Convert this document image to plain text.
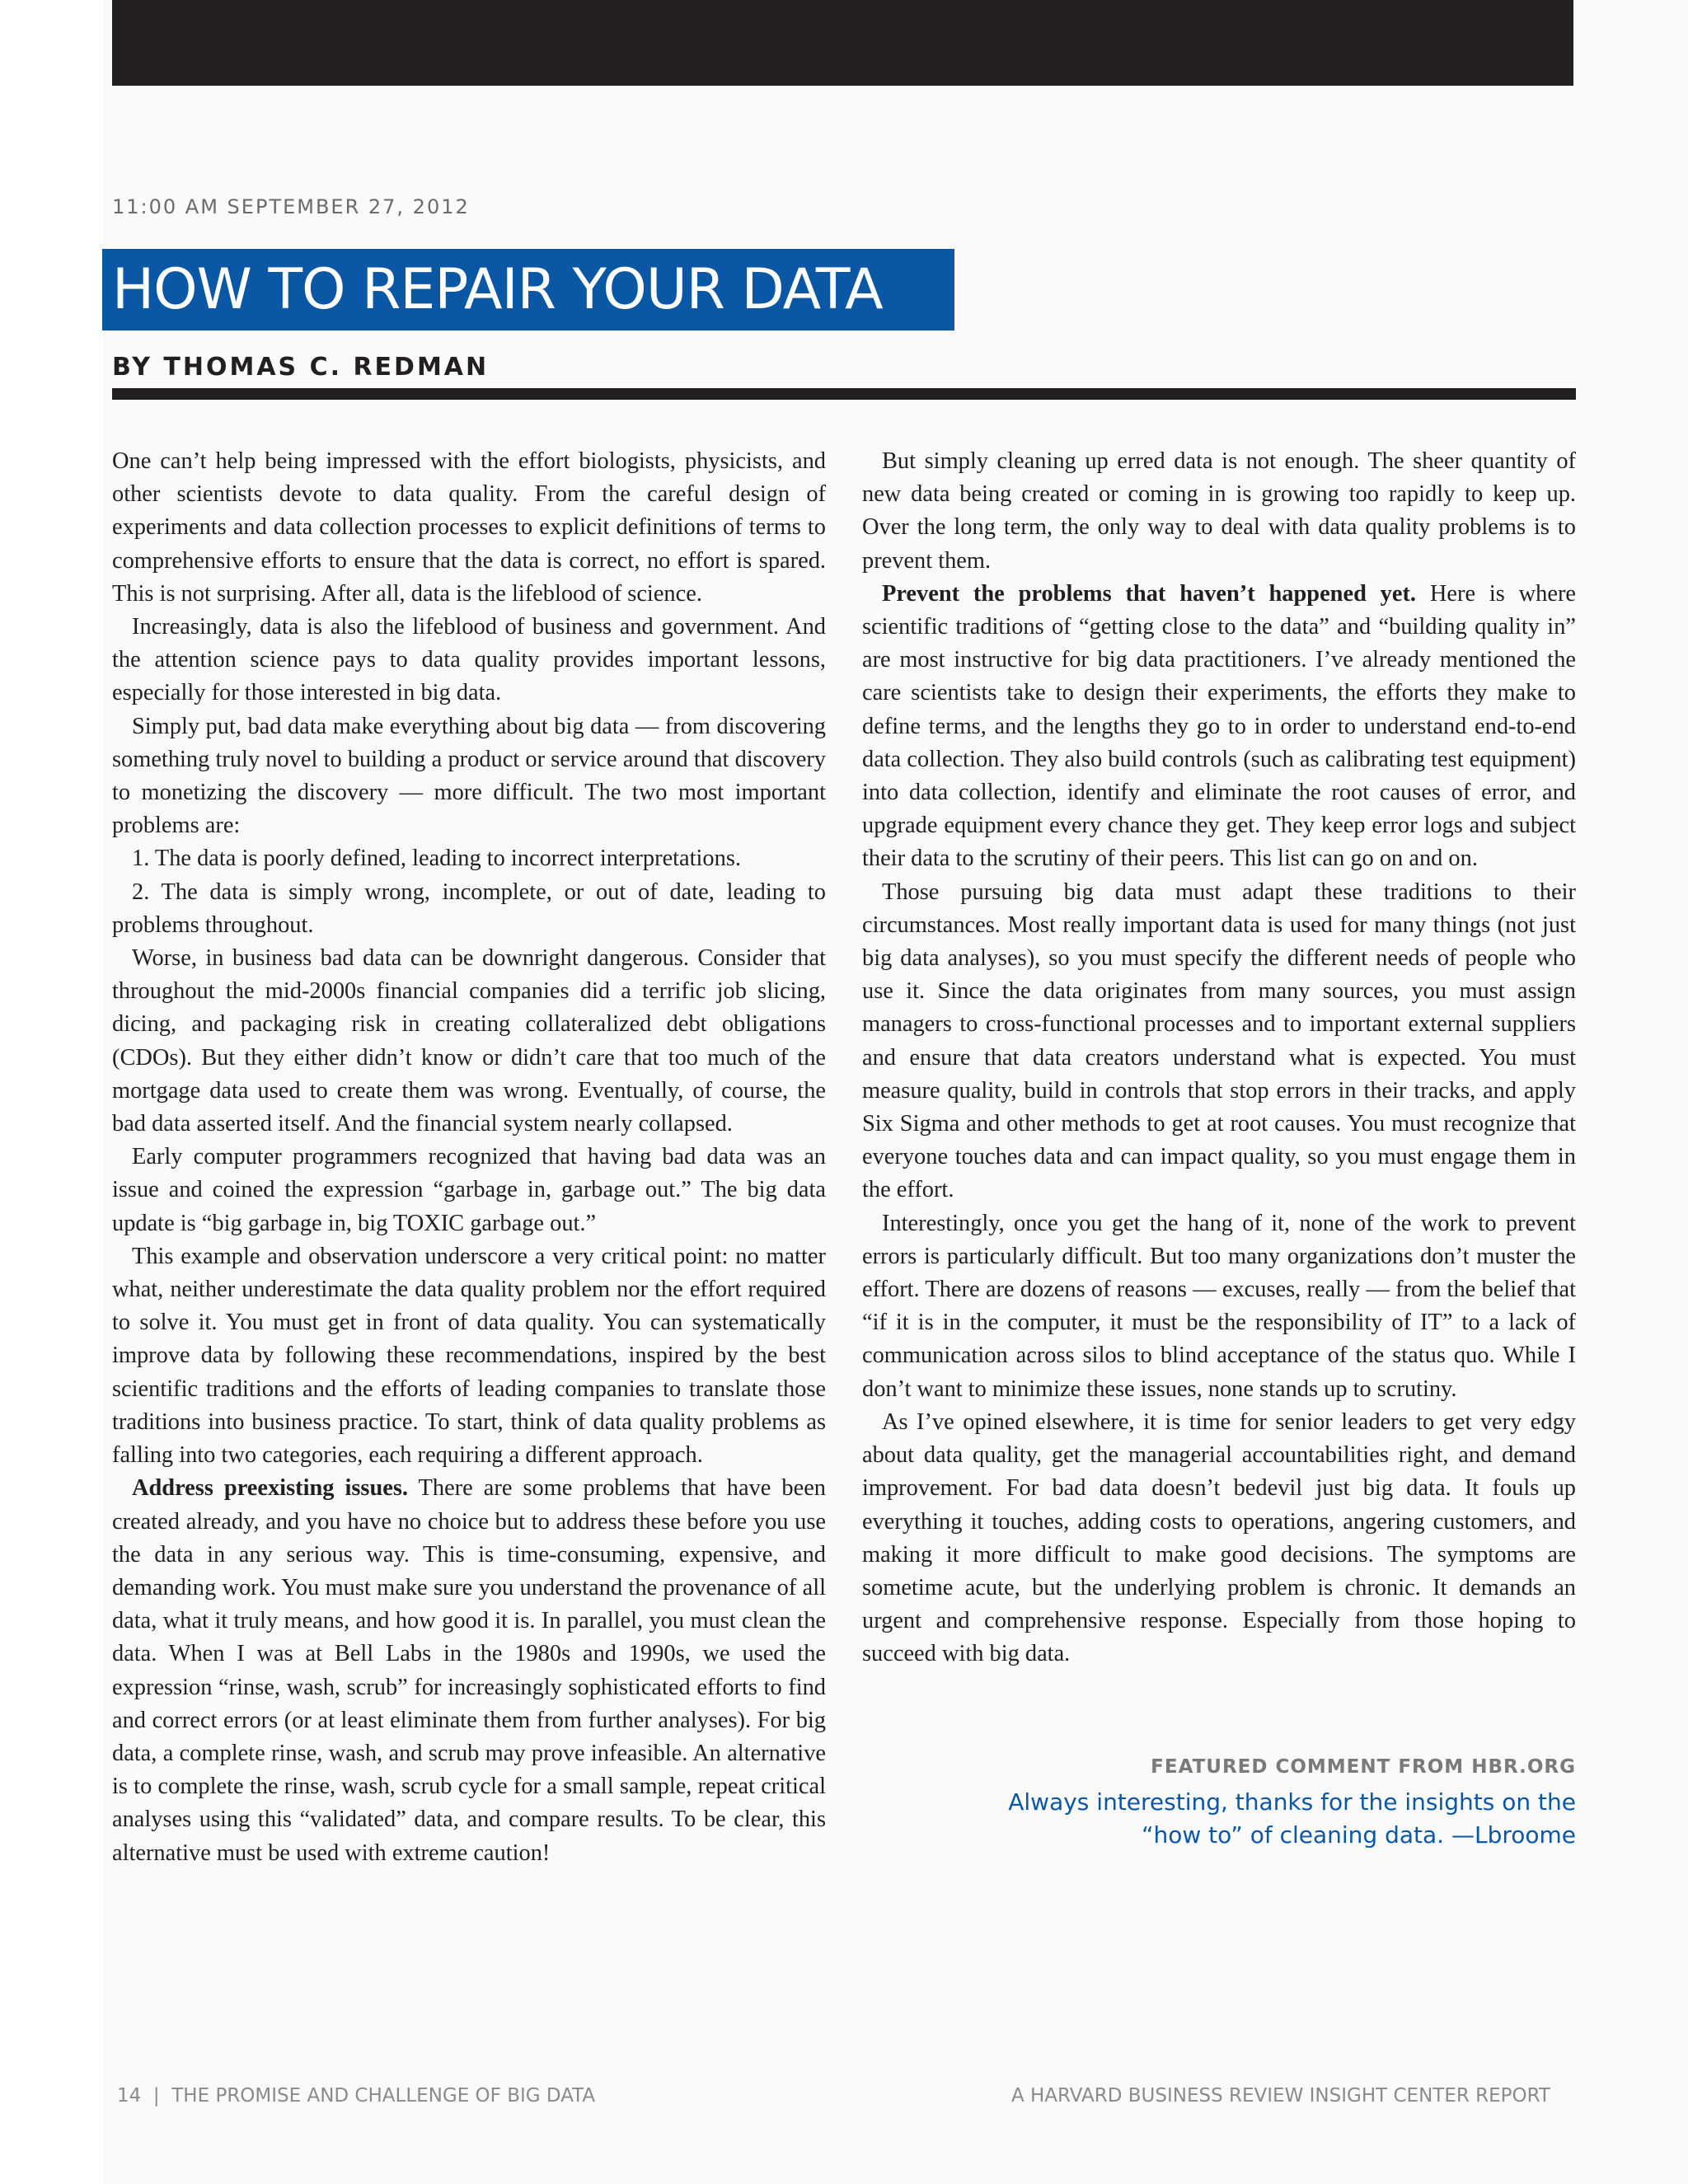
11:00 AM SEPTEMBER 27, 2012
HOW TO REPAIR YOUR DATA
BY THOMAS C. REDMAN

One can’t help being impressed with the effort biologists, physicists, and other scientists devote to data quality. From the careful design of experiments and data collection processes to explicit definitions of terms to comprehensive efforts to ensure that the data is correct, no effort is spared. This is not surprising. After all, data is the lifeblood of science.

Increasingly, data is also the lifeblood of business and government. And the attention science pays to data quality provides important lessons, especially for those interested in big data.

Simply put, bad data make everything about big data — from discovering something truly novel to building a product or service around that discovery to monetizing the discovery — more difficult. The two most important problems are:

1. The data is poorly defined, leading to incorrect interpretations.

2. The data is simply wrong, incomplete, or out of date, leading to problems throughout.

Worse, in business bad data can be downright dangerous. Consider that throughout the mid-2000s financial companies did a terrific job slicing, dicing, and packaging risk in creating collateralized debt obligations (CDOs). But they either didn’t know or didn’t care that too much of the mortgage data used to create them was wrong. Eventually, of course, the bad data asserted itself. And the financial system nearly collapsed.

Early computer programmers recognized that having bad data was an issue and coined the expression “garbage in, garbage out.” The big data update is “big garbage in, big TOXIC garbage out.”

This example and observation underscore a very critical point: no matter what, neither underestimate the data quality problem nor the effort required to solve it. You must get in front of data quality. You can systematically improve data by following these recommendations, inspired by the best scientific traditions and the efforts of leading companies to translate those traditions into business practice. To start, think of data quality problems as falling into two categories, each requiring a different approach.

Address preexisting issues. There are some problems that have been created already, and you have no choice but to address these before you use the data in any serious way. This is time-consuming, expensive, and demanding work. You must make sure you understand the provenance of all data, what it truly means, and how good it is. In parallel, you must clean the data. When I was at Bell Labs in the 1980s and 1990s, we used the expression “rinse, wash, scrub” for increasingly sophisticated efforts to find and correct errors (or at least eliminate them from further analyses). For big data, a complete rinse, wash, and scrub may prove infeasible. An alternative is to complete the rinse, wash, scrub cycle for a small sample, repeat critical analyses using this “validated” data, and compare results. To be clear, this alternative must be used with extreme caution!

But simply cleaning up erred data is not enough. The sheer quantity of new data being created or coming in is growing too rapidly to keep up. Over the long term, the only way to deal with data quality problems is to prevent them.

Prevent the problems that haven’t happened yet. Here is where scientific traditions of “getting close to the data” and “building quality in” are most instructive for big data practitioners. I’ve already mentioned the care scientists take to design their experiments, the efforts they make to define terms, and the lengths they go to in order to understand end-to-end data collection. They also build controls (such as calibrating test equipment) into data collection, identify and eliminate the root causes of error, and upgrade equipment every chance they get. They keep error logs and subject their data to the scrutiny of their peers. This list can go on and on.

Those pursuing big data must adapt these traditions to their circumstances. Most really important data is used for many things (not just big data analyses), so you must specify the different needs of people who use it. Since the data originates from many sources, you must assign managers to cross-functional processes and to important external suppliers and ensure that data creators understand what is expected. You must measure quality, build in controls that stop errors in their tracks, and apply Six Sigma and other methods to get at root causes. You must recognize that everyone touches data and can impact quality, so you must engage them in the effort.

Interestingly, once you get the hang of it, none of the work to prevent errors is particularly difficult. But too many organizations don’t muster the effort. There are dozens of reasons — excuses, really — from the belief that “if it is in the computer, it must be the responsibility of IT” to a lack of communication across silos to blind acceptance of the status quo. While I don’t want to minimize these issues, none stands up to scrutiny.

As I’ve opined elsewhere, it is time for senior leaders to get very edgy about data quality, get the managerial accountabilities right, and demand improvement. For bad data doesn’t bedevil just big data. It fouls up everything it touches, adding costs to operations, angering customers, and making it more difficult to make good decisions. The symptoms are sometime acute, but the underlying problem is chronic. It demands an urgent and comprehensive response. Especially from those hoping to succeed with big data.

FEATURED COMMENT FROM HBR.ORG
Always interesting, thanks for the insights on the
“how to” of cleaning data. —Lbroome
14  |  THE PROMISE AND CHALLENGE OF BIG DATA	A HARVARD BUSINESS REVIEW INSIGHT CENTER REPORT
